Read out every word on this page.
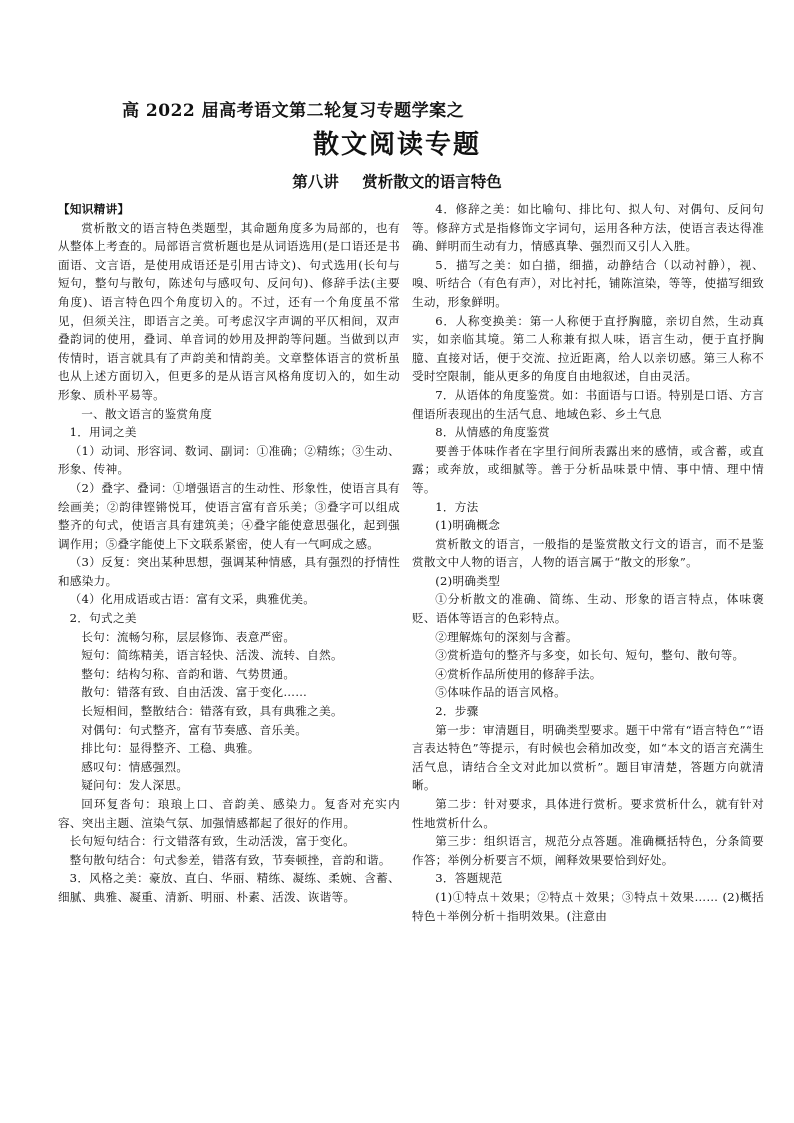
高 2022 届高考语文第二轮复习专题学案之
散文阅读专题
第八讲 赏析散文的语言特色

【知识精讲】

赏析散文的语言特色类题型，其命题角度多为局部的，也有从整体上考查的。局部语言赏析题也是从词语选用(是口语还是书面语、文言语，是使用成语还是引用古诗文)、句式选用(长句与短句，整句与散句，陈述句与感叹句、反问句)、修辞手法(主要角度)、语言特色四个角度切入的。不过，还有一个角度虽不常见，但须关注，即语言之美。可考虑汉字声调的平仄相间，双声叠韵词的使用，叠词、单音词的妙用及押韵等问题。当做到以声传情时，语言就具有了声韵美和情韵美。文章整体语言的赏析虽也从上述方面切入，但更多的是从语言风格角度切入的，如生动形象、质朴平易等。

一、散文语言的鉴赏角度

1．用词之美

（1）动词、形容词、数词、副词：①准确；②精练；③生动、形象、传神。

（2）叠字、叠词：①增强语言的生动性、形象性，使语言具有绘画美；②韵律铿锵悦耳，使语言富有音乐美；③叠字可以组成整齐的句式，使语言具有建筑美；④叠字能使意思强化，起到强调作用；⑤叠字能使上下文联系紧密，使人有一气呵成之感。

（3）反复：突出某种思想，强调某种情感，具有强烈的抒情性和感染力。

（4）化用成语或古语：富有文采，典雅优美。

2．句式之美

长句：流畅匀称，层层修饰、表意严密。

短句：简练精美，语言轻快、活泼、流转、自然。

整句：结构匀称、音韵和谐、气势贯通。

散句：错落有致、自由活泼、富于变化……

长短相间，整散结合：错落有致，具有典雅之美。

对偶句：句式整齐，富有节奏感、音乐美。

排比句：显得整齐、工稳、典雅。

感叹句：情感强烈。

疑问句：发人深思。

回环复沓句：琅琅上口、音韵美、感染力。复沓对充实内容、突出主题、渲染气氛、加强情感都起了很好的作用。

长句短句结合：行文错落有致，生动活泼，富于变化。

整句散句结合：句式参差，错落有致，节奏顿挫，音韵和谐。

3．风格之美：豪放、直白、华丽、精练、凝练、柔婉、含蓄、细腻、典雅、凝重、清新、明丽、朴素、活泼、诙谐等。

4．修辞之美：如比喻句、排比句、拟人句、对偶句、反问句等。修辞方式是指修饰文字词句，运用各种方法，使语言表达得准确、鲜明而生动有力，情感真挚、强烈而又引人入胜。

5．描写之美：如白描，细描，动静结合（以动衬静），视、嗅、听结合（有色有声），对比衬托，铺陈渲染，等等，使描写细致生动，形象鲜明。

6．人称变换美：第一人称便于直抒胸臆，亲切自然，生动真实，如亲临其境。第二人称兼有拟人味，语言生动，便于直抒胸臆、直接对话，便于交流、拉近距离，给人以亲切感。第三人称不受时空限制，能从更多的角度自由地叙述，自由灵活。

7．从语体的角度鉴赏。如：书面语与口语。特别是口语、方言俚语所表现出的生活气息、地域色彩、乡土气息

8．从情感的角度鉴赏

要善于体味作者在字里行间所表露出来的感情，或含蓄，或直露；或奔放，或细腻等。善于分析品味景中情、事中情、理中情等。

1．方法

(1)明确概念

赏析散文的语言，一般指的是鉴赏散文行文的语言，而不是鉴赏散文中人物的语言，人物的语言属于“散文的形象”。

(2)明确类型

①分析散文的准确、简练、生动、形象的语言特点，体味褒贬、语体等语言的色彩特点。

②理解炼句的深刻与含蓄。

③赏析造句的整齐与多变，如长句、短句，整句、散句等。

④赏析作品所使用的修辞手法。

⑤体味作品的语言风格。

2．步骤

第一步：审清题目，明确类型要求。题干中常有“语言特色”“语言表达特色”等提示，有时候也会稍加改变，如“本文的语言充满生活气息，请结合全文对此加以赏析”。题目审清楚，答题方向就清晰。

第二步：针对要求，具体进行赏析。要求赏析什么，就有针对性地赏析什么。

第三步：组织语言，规范分点答题。准确概括特色，分条简要作答；举例分析要言不烦，阐释效果要恰到好处。

3．答题规范

(1)①特点＋效果；②特点＋效果；③特点＋效果…… (2)概括特色＋举例分析＋指明效果。(注意由
